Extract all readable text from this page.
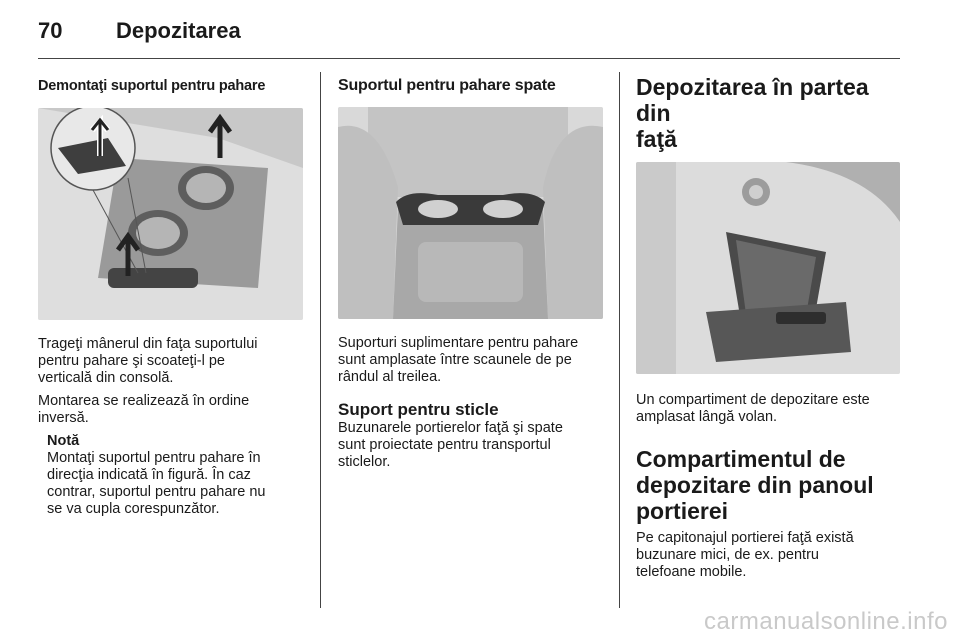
70 Depozitarea
Demontaţi suportul pentru pahare
Trageţi mânerul din faţa suportului
pentru pahare şi scoateţi-l pe
verticală din consolă.
Montarea se realizează în ordine
inversă.
Notă
Montaţi suportul pentru pahare în
direcţia indicată în figură. În caz
contrar, suportul pentru pahare nu
se va cupla corespunzător.
Suportul pentru pahare spate
Suporturi suplimentare pentru pahare
sunt amplasate între scaunele de pe
rândul al treilea.
Suport pentru sticle
Buzunarele portierelor faţă şi spate
sunt proiectate pentru transportul
sticlelor.
Depozitarea în partea din
faţă
Un compartiment de depozitare este
amplasat lângă volan.
Compartimentul de
depozitare din panoul
portierei
Pe capitonajul portierei faţă există
buzunare mici, de ex. pentru
telefoane mobile.
carmanualsonline.info
